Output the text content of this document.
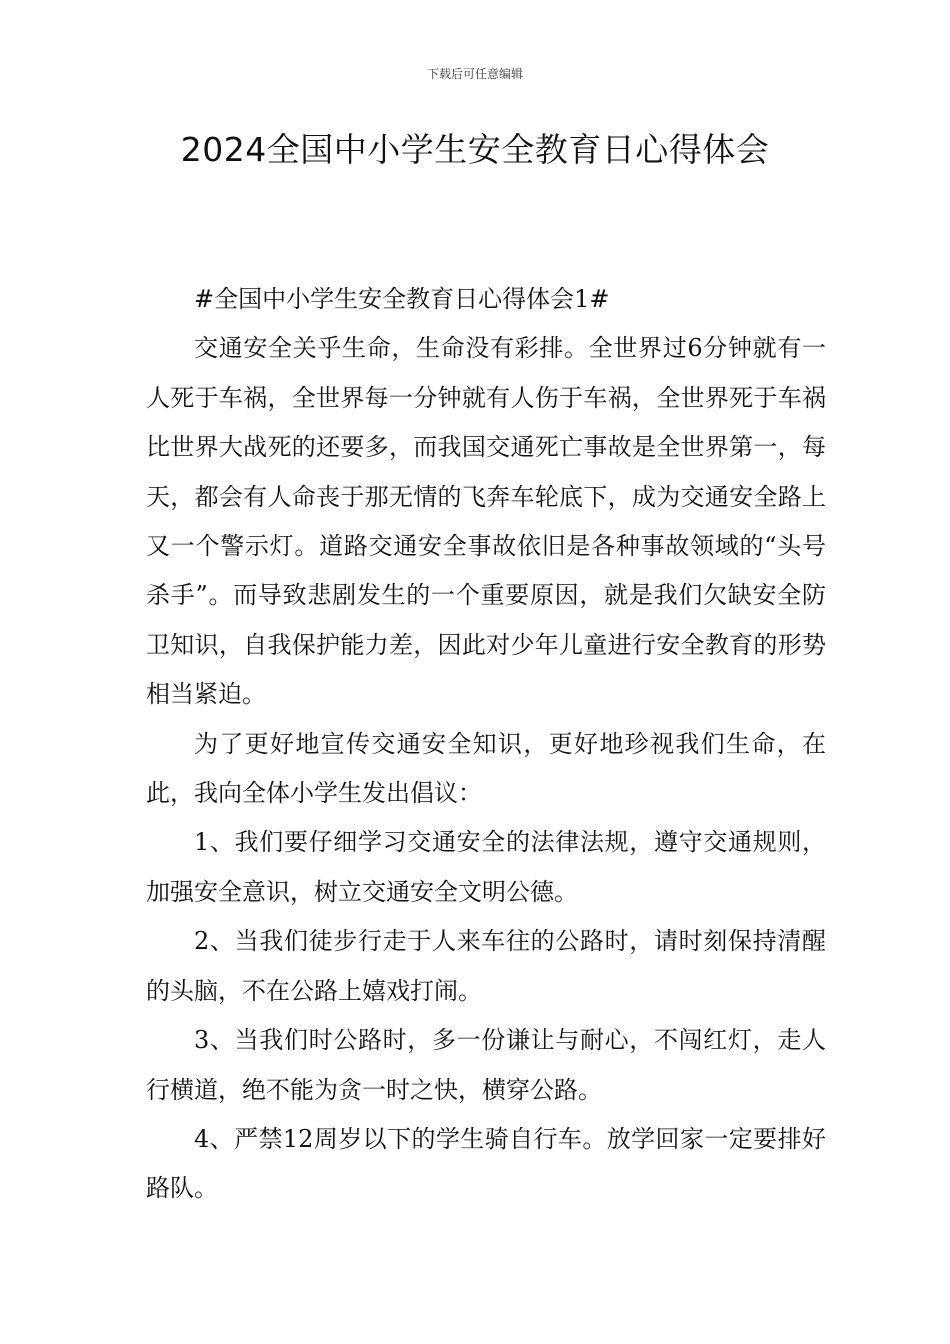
下载后可任意编辑
2024全国中小学生安全教育日心得体会

#全国中小学生安全教育日心得体会1#

交通安全关乎生命，生命没有彩排。全世界过6分钟就有一人死于车祸，全世界每一分钟就有人伤于车祸，全世界死于车祸比世界大战死的还要多，而我国交通死亡事故是全世界第一，每天，都会有人命丧于那无情的飞奔车轮底下，成为交通安全路上又一个警示灯。道路交通安全事故依旧是各种事故领域的“头号杀手”。而导致悲剧发生的一个重要原因，就是我们欠缺安全防卫知识，自我保护能力差，因此对少年儿童进行安全教育的形势相当紧迫。

为了更好地宣传交通安全知识，更好地珍视我们生命，在此，我向全体小学生发出倡议：

1、我们要仔细学习交通安全的法律法规，遵守交通规则，加强安全意识，树立交通安全文明公德。

2、当我们徒步行走于人来车往的公路时，请时刻保持清醒的头脑，不在公路上嬉戏打闹。

3、当我们时公路时，多一份谦让与耐心，不闯红灯，走人行横道，绝不能为贪一时之快，横穿公路。

4、严禁12周岁以下的学生骑自行车。放学回家一定要排好路队。
